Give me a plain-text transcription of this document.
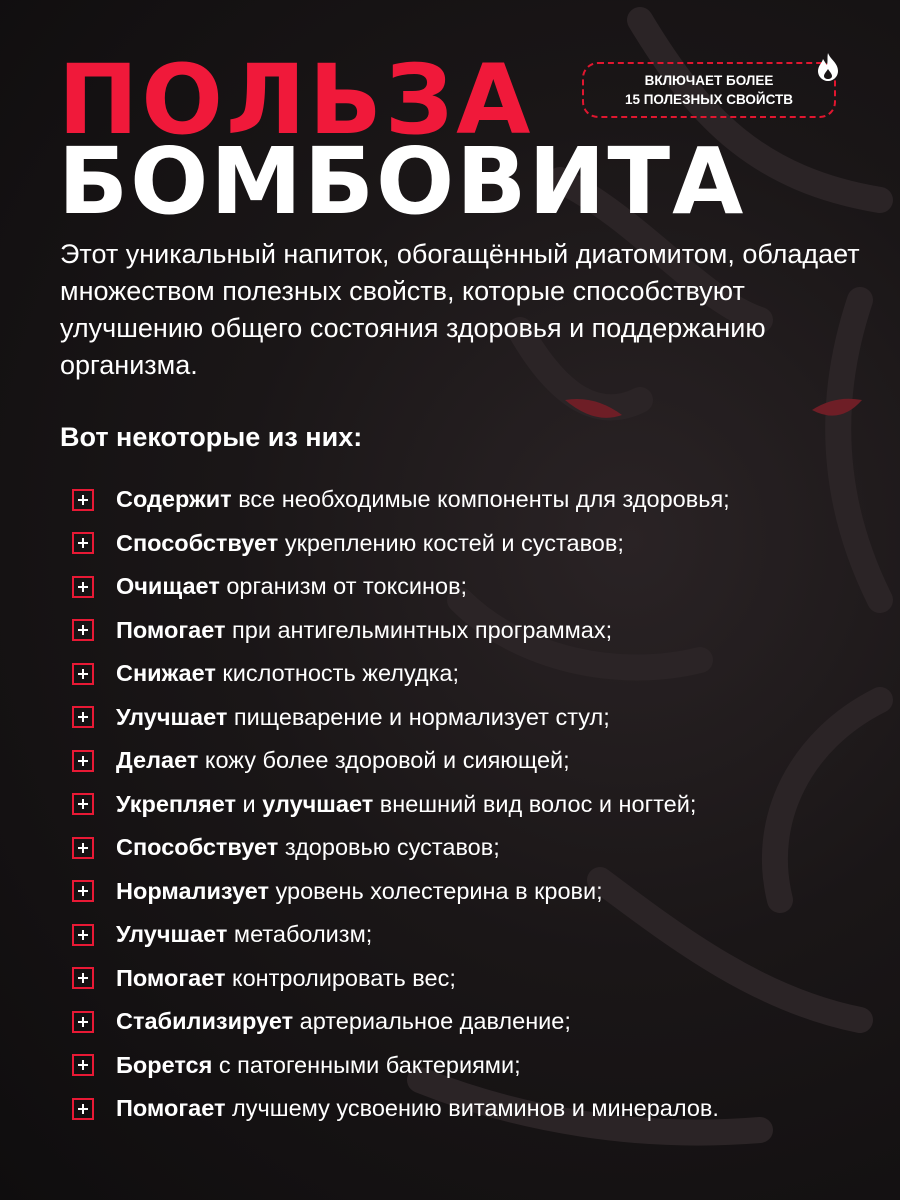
ПОЛЬЗА
БОМБОВИТА
ВКЛЮЧАЕТ БОЛЕЕ
15 ПОЛЕЗНЫХ СВОЙСТВ

Этот уникальный напиток, обогащённый диатомитом, обладает множеством полезных свойств, которые способствуют улучшению общего состояния здоровья и поддержанию организма.

Вот некоторые из них:
Содержит все необходимые компоненты для здоровья;
Способствует укреплению костей и суставов;
Очищает организм от токсинов;
Помогает при антигельминтных программах;
Снижает кислотность желудка;
Улучшает пищеварение и нормализует стул;
Делает кожу более здоровой и сияющей;
Укрепляет и улучшает внешний вид волос и ногтей;
Способствует здоровью суставов;
Нормализует уровень холестерина в крови;
Улучшает метаболизм;
Помогает контролировать вес;
Стабилизирует артериальное давление;
Борется с патогенными бактериями;
Помогает лучшему усвоению витаминов и минералов.
